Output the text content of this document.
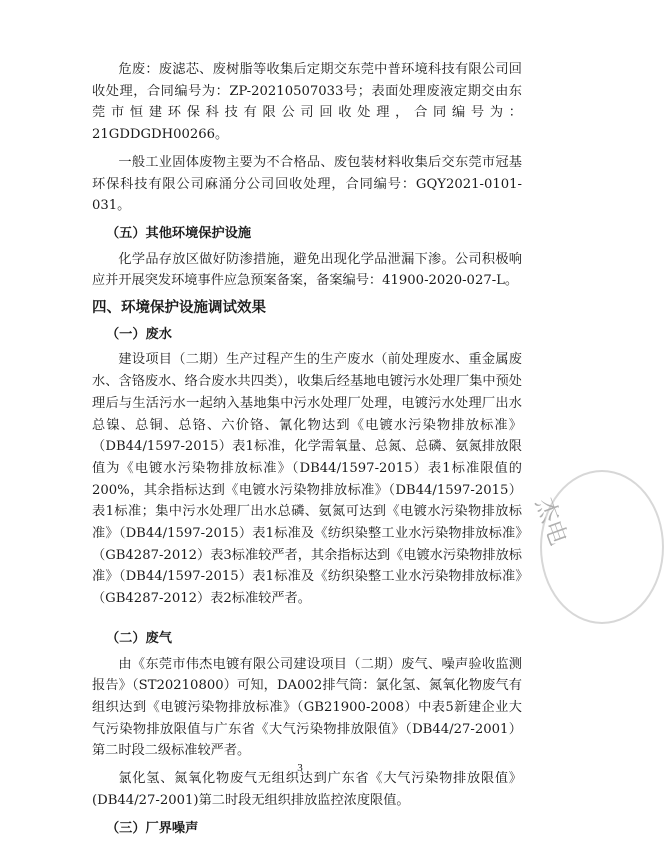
危废：废滤芯、废树脂等收集后定期交东莞中普环境科技有限公司回收处理，合同编号为：ZP-20210507033号；表面处理废液定期交由东莞市恒建环保科技有限公司回收处理，合同编号为：21GDDGDH00266。

一般工业固体废物主要为不合格品、废包装材料收集后交东莞市冠基环保科技有限公司麻涌分公司回收处理，合同编号：GQY2021-0101-031。

（五）其他环境保护设施

化学品存放区做好防渗措施，避免出现化学品泄漏下渗。公司积极响应并开展突发环境事件应急预案备案，备案编号：41900-2020-027-L。

四、环境保护设施调试效果
（一）废水

建设项目（二期）生产过程产生的生产废水（前处理废水、重金属废水、含铬废水、络合废水共四类），收集后经基地电镀污水处理厂集中预处理后与生活污水一起纳入基地集中污水处理厂处理，电镀污水处理厂出水总镍、总铜、总铬、六价铬、氰化物达到《电镀水污染物排放标准》（DB44/1597-2015）表1标准，化学需氧量、总氮、总磷、氨氮排放限值为《电镀水污染物排放标准》（DB44/1597-2015）表1标准限值的200%，其余指标达到《电镀水污染物排放标准》（DB44/1597-2015）表1标准；集中污水处理厂出水总磷、氨氮可达到《电镀水污染物排放标准》（DB44/1597-2015）表1标准及《纺织染整工业水污染物排放标准》（GB4287-2012）表3标准较严者，其余指标达到《电镀水污染物排放标准》（DB44/1597-2015）表1标准及《纺织染整工业水污染物排放标准》（GB4287-2012）表2标准较严者。

（二）废气

由《东莞市伟杰电镀有限公司建设项目（二期）废气、噪声验收监测报告》（ST20210800）可知，DA002排气筒：氯化氢、氮氧化物废气有组织达到《电镀污染物排放标准》（GB21900-2008）中表5新建企业大气污染物排放限值与广东省《大气污染物排放限值》（DB44/27-2001）第二时段二级标准较严者。

氯化氢、氮氧化物废气无组织达到广东省《大气污染物排放限值》(DB44/27-2001)第二时段无组织排放监控浓度限值。

（三）厂界噪声
杰电
3
